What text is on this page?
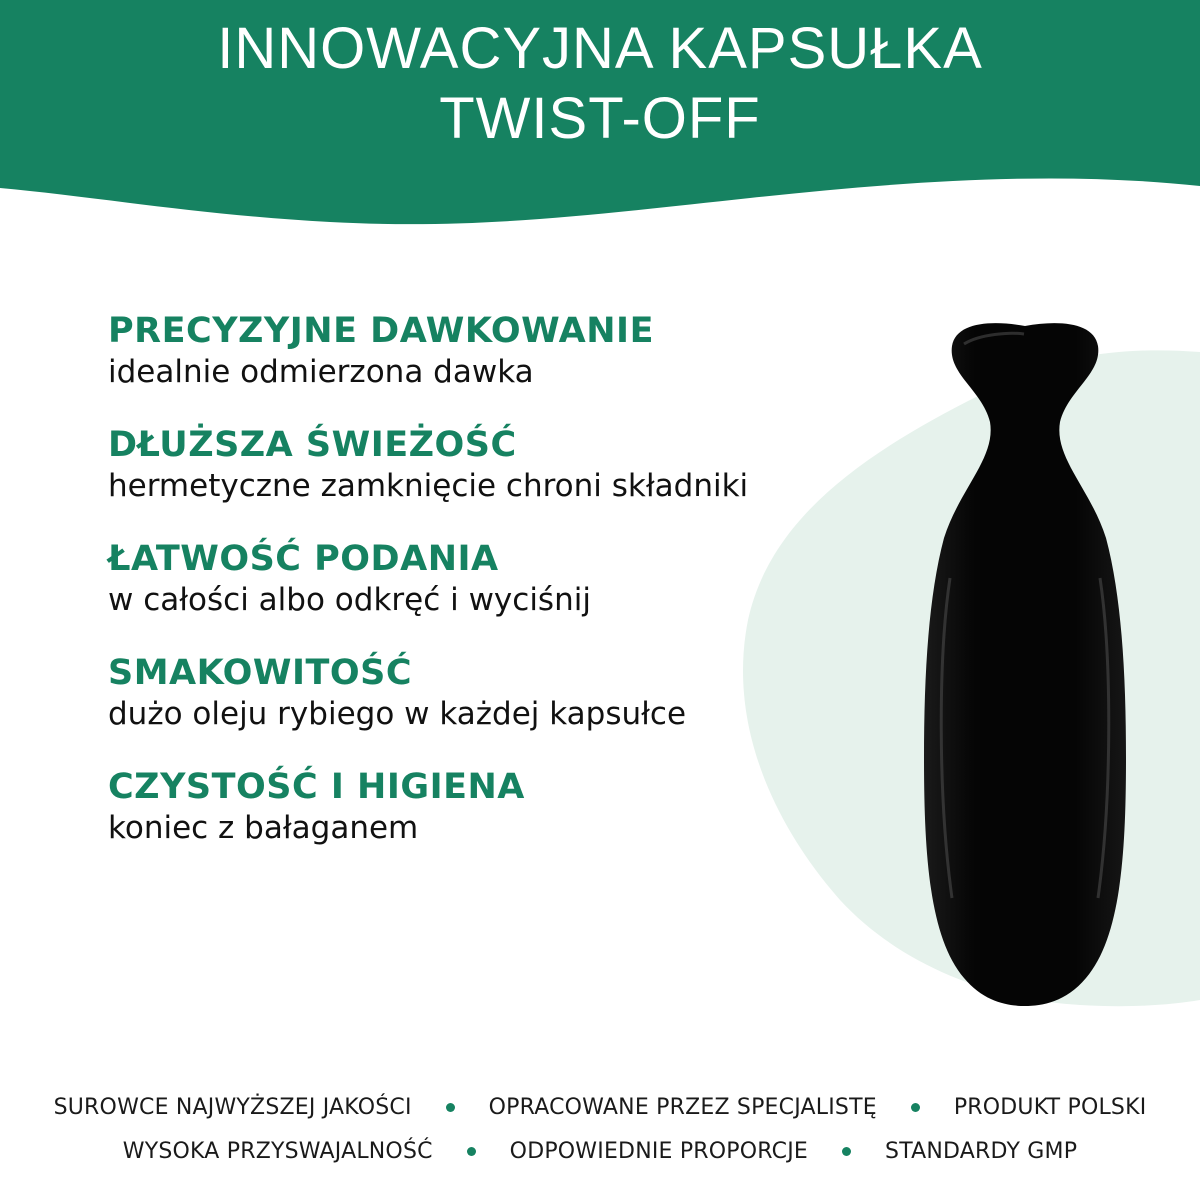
INNOWACYJNA KAPSUŁKA
TWIST-OFF
PRECYZYJNE DAWKOWANIE
idealnie odmierzona dawka
DŁUŻSZA ŚWIEŻOŚĆ
hermetyczne zamknięcie chroni składniki
ŁATWOŚĆ PODANIA
w całości albo odkręć i wyciśnij
SMAKOWITOŚĆ
dużo oleju rybiego w każdej kapsułce
CZYSTOŚĆ I HIGIENA
koniec z bałaganem
SUROWCE NAJWYŻSZEJ JAKOŚCI	OPRACOWANE PRZEZ SPECJALISTĘ	PRODUKT POLSKI
WYSOKA PRZYSWAJALNOŚĆ	ODPOWIEDNIE PROPORCJE	STANDARDY GMP
